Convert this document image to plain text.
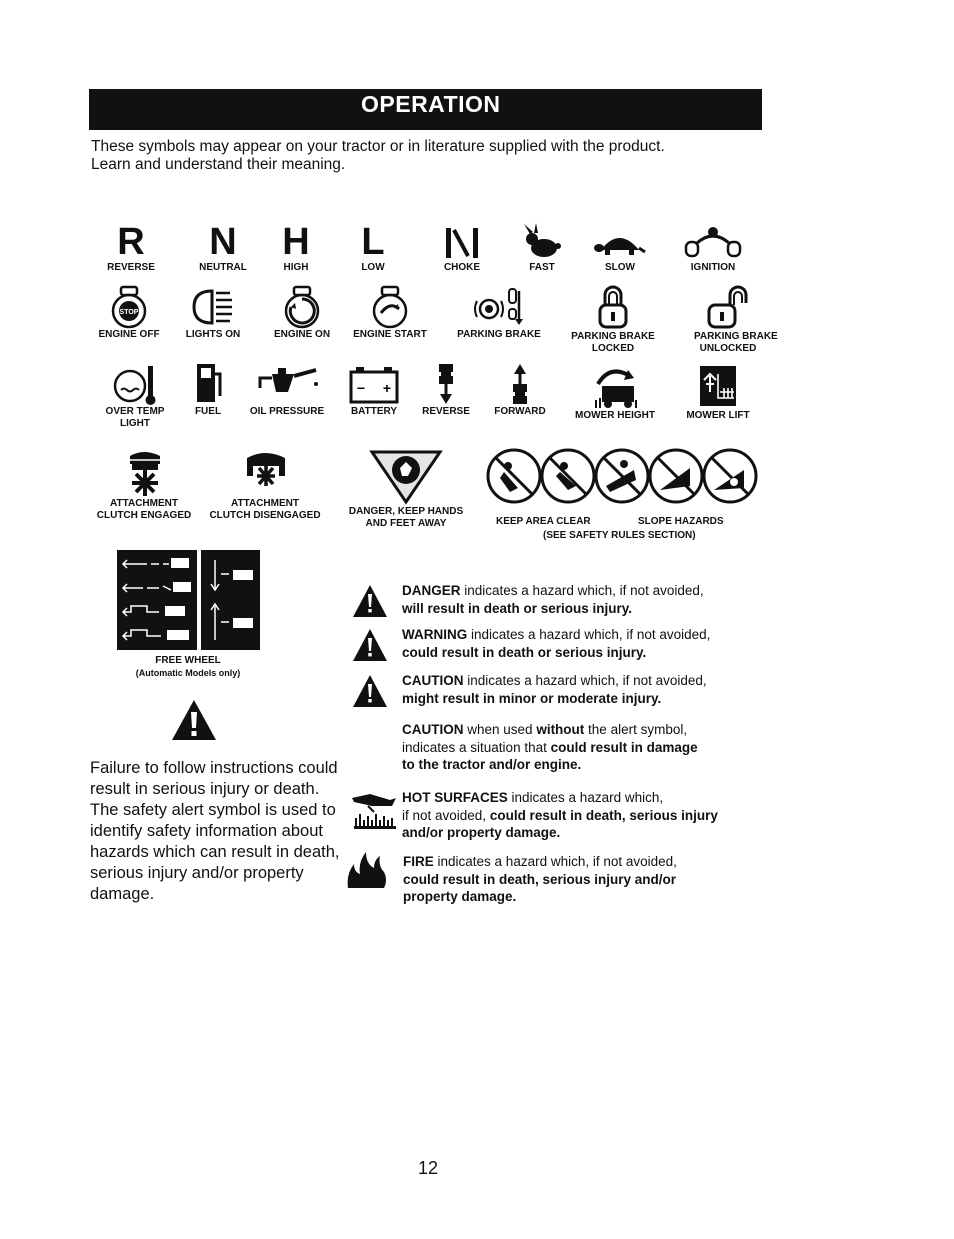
OPERATION
These symbols may appear on your tractor or in literature supplied with the product.
Learn and understand their meaning.
R
REVERSE
N
NEUTRAL
H
HIGH
L
LOW	CHOKE	FAST	SLOW	IGNITION
STOP
ENGINE OFF	LIGHTS ON	ENGINE ON	ENGINE START	PARKING BRAKE	PARKING BRAKE
LOCKED
PARKING BRAKE
UNLOCKED
OVER TEMP
LIGHT
FUEL	OIL PRESSURE
− +
BATTERY	REVERSE	FORWARD	MOWER HEIGHT	MOWER LIFT
ATTACHMENT
CLUTCH ENGAGED
ATTACHMENT
CLUTCH DISENGAGED	DANGER, KEEP HANDS
AND FEET AWAY	KEEP AREA CLEAR	SLOPE HAZARDS
(SEE SAFETY RULES SECTION)
FREE WHEEL
(Automatic Models only)
Failure to follow instructions could result in serious injury or death. The safety alert symbol is used to identify safety information about hazards which can result in death, serious injury and/or property damage.
DANGER indicates a hazard which, if not avoided,
will result in death or serious injury.
WARNING indicates a hazard which, if not avoided,
could result in death or serious injury.
CAUTION indicates a hazard which, if not avoided,
might result in minor or moderate injury.
CAUTION when used without the alert symbol,
indicates a situation that could result in damage
to the tractor and/or engine.
HOT SURFACES indicates a hazard which,
if not avoided, could result in death, serious injury
and/or property damage.
FIRE indicates a hazard which, if not avoided,
could result in death, serious injury and/or
property damage.
12
